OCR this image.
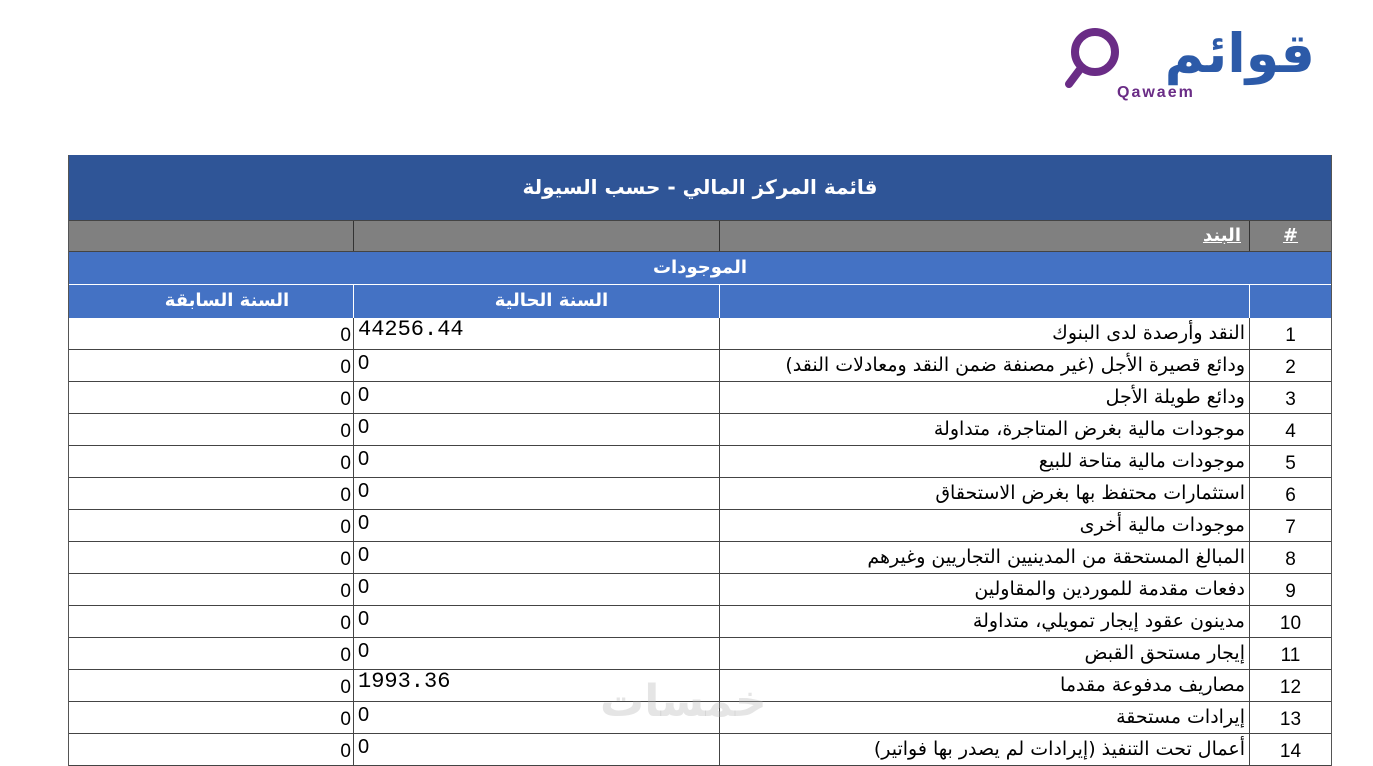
قوائم
Qawaem
قائمة المركز المالي - حسب السيولة
#
البند
الموجودات
السنة الحالية
السنة السابقة
1
النقد وأرصدة لدى البنوك
44256.44
0
2
ودائع قصيرة الأجل (غير مصنفة ضمن النقد ومعادلات النقد)
0
0
3
ودائع طويلة الأجل
0
0
4
موجودات مالية بغرض المتاجرة، متداولة
0
0
5
موجودات مالية متاحة للبيع
0
0
6
استثمارات محتفظ بها بغرض الاستحقاق
0
0
7
موجودات مالية أخرى
0
0
8
المبالغ المستحقة من المدينيين التجاريين وغيرهم
0
0
9
دفعات مقدمة للموردين والمقاولين
0
0
10
مدينون عقود إيجار تمويلي، متداولة
0
0
11
إيجار مستحق القبض
0
0
12
مصاريف مدفوعة مقدما
1993.36
0
13
إيرادات مستحقة
0
0
14
أعمال تحت التنفيذ (إيرادات لم يصدر بها فواتير)
0
0
خمسات
